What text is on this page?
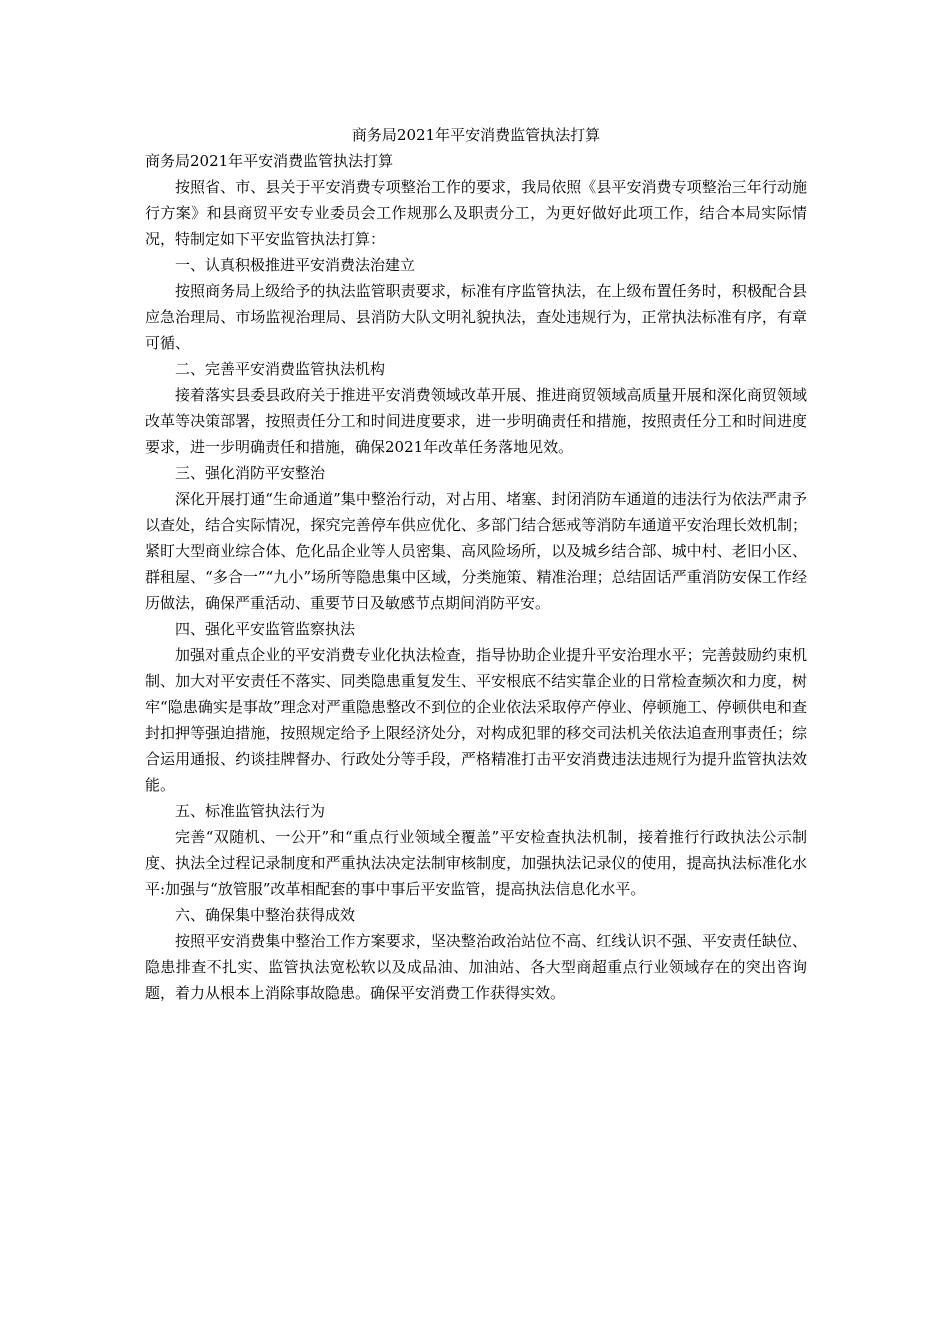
商务局2021年平安消费监管执法打算

商务局2021年平安消费监管执法打算

按照省、市、县关于平安消费专项整治工作的要求，我局依照《县平安消费专项整治三年行动施行方案》和县商贸平安专业委员会工作规那么及职责分工，为更好做好此项工作，结合本局实际情况，特制定如下平安监管执法打算：

一、认真积极推进平安消费法治建立

按照商务局上级给予的执法监管职责要求，标准有序监管执法，在上级布置任务时，积极配合县应急治理局、市场监视治理局、县消防大队文明礼貌执法，查处违规行为，正常执法标准有序，有章可循、

二、完善平安消费监管执法机构

接着落实县委县政府关于推进平安消费领域改革开展、推进商贸领域高质量开展和深化商贸领域改革等决策部署，按照责任分工和时间进度要求，进一步明确责任和措施，按照责任分工和时间进度要求，进一步明确责任和措施，确保2021年改革任务落地见效。

三、强化消防平安整治

深化开展打通“生命通道”集中整治行动，对占用、堵塞、封闭消防车通道的违法行为依法严肃予以查处，结合实际情况，探究完善停车供应优化、多部门结合惩戒等消防车通道平安治理长效机制；紧盯大型商业综合体、危化品企业等人员密集、高风险场所，以及城乡结合部、城中村、老旧小区、群租屋、“多合一”“九小”场所等隐患集中区域，分类施策、精准治理；总结固话严重消防安保工作经历做法，确保严重活动、重要节日及敏感节点期间消防平安。

四、强化平安监管监察执法

加强对重点企业的平安消费专业化执法检查，指导协助企业提升平安治理水平；完善鼓励约束机制、加大对平安责任不落实、同类隐患重复发生、平安根底不结实靠企业的日常检查频次和力度，树牢“隐患确实是事故”理念对严重隐患整改不到位的企业依法采取停产停业、停顿施工、停顿供电和查封扣押等强迫措施，按照规定给予上限经济处分，对构成犯罪的移交司法机关依法追查刑事责任；综合运用通报、约谈挂牌督办、行政处分等手段，严格精准打击平安消费违法违规行为提升监管执法效能。

五、标准监管执法行为

完善“双随机、一公开”和“重点行业领域全覆盖”平安检查执法机制，接着推行行政执法公示制度、执法全过程记录制度和严重执法决定法制审核制度，加强执法记录仪的使用，提高执法标准化水平:加强与“放管服”改革相配套的事中事后平安监管，提高执法信息化水平。

六、确保集中整治获得成效

按照平安消费集中整治工作方案要求，坚决整治政治站位不高、红线认识不强、平安责任缺位、隐患排查不扎实、监管执法宽松软以及成品油、加油站、各大型商超重点行业领域存在的突出咨询题，着力从根本上消除事故隐患。确保平安消费工作获得实效。
